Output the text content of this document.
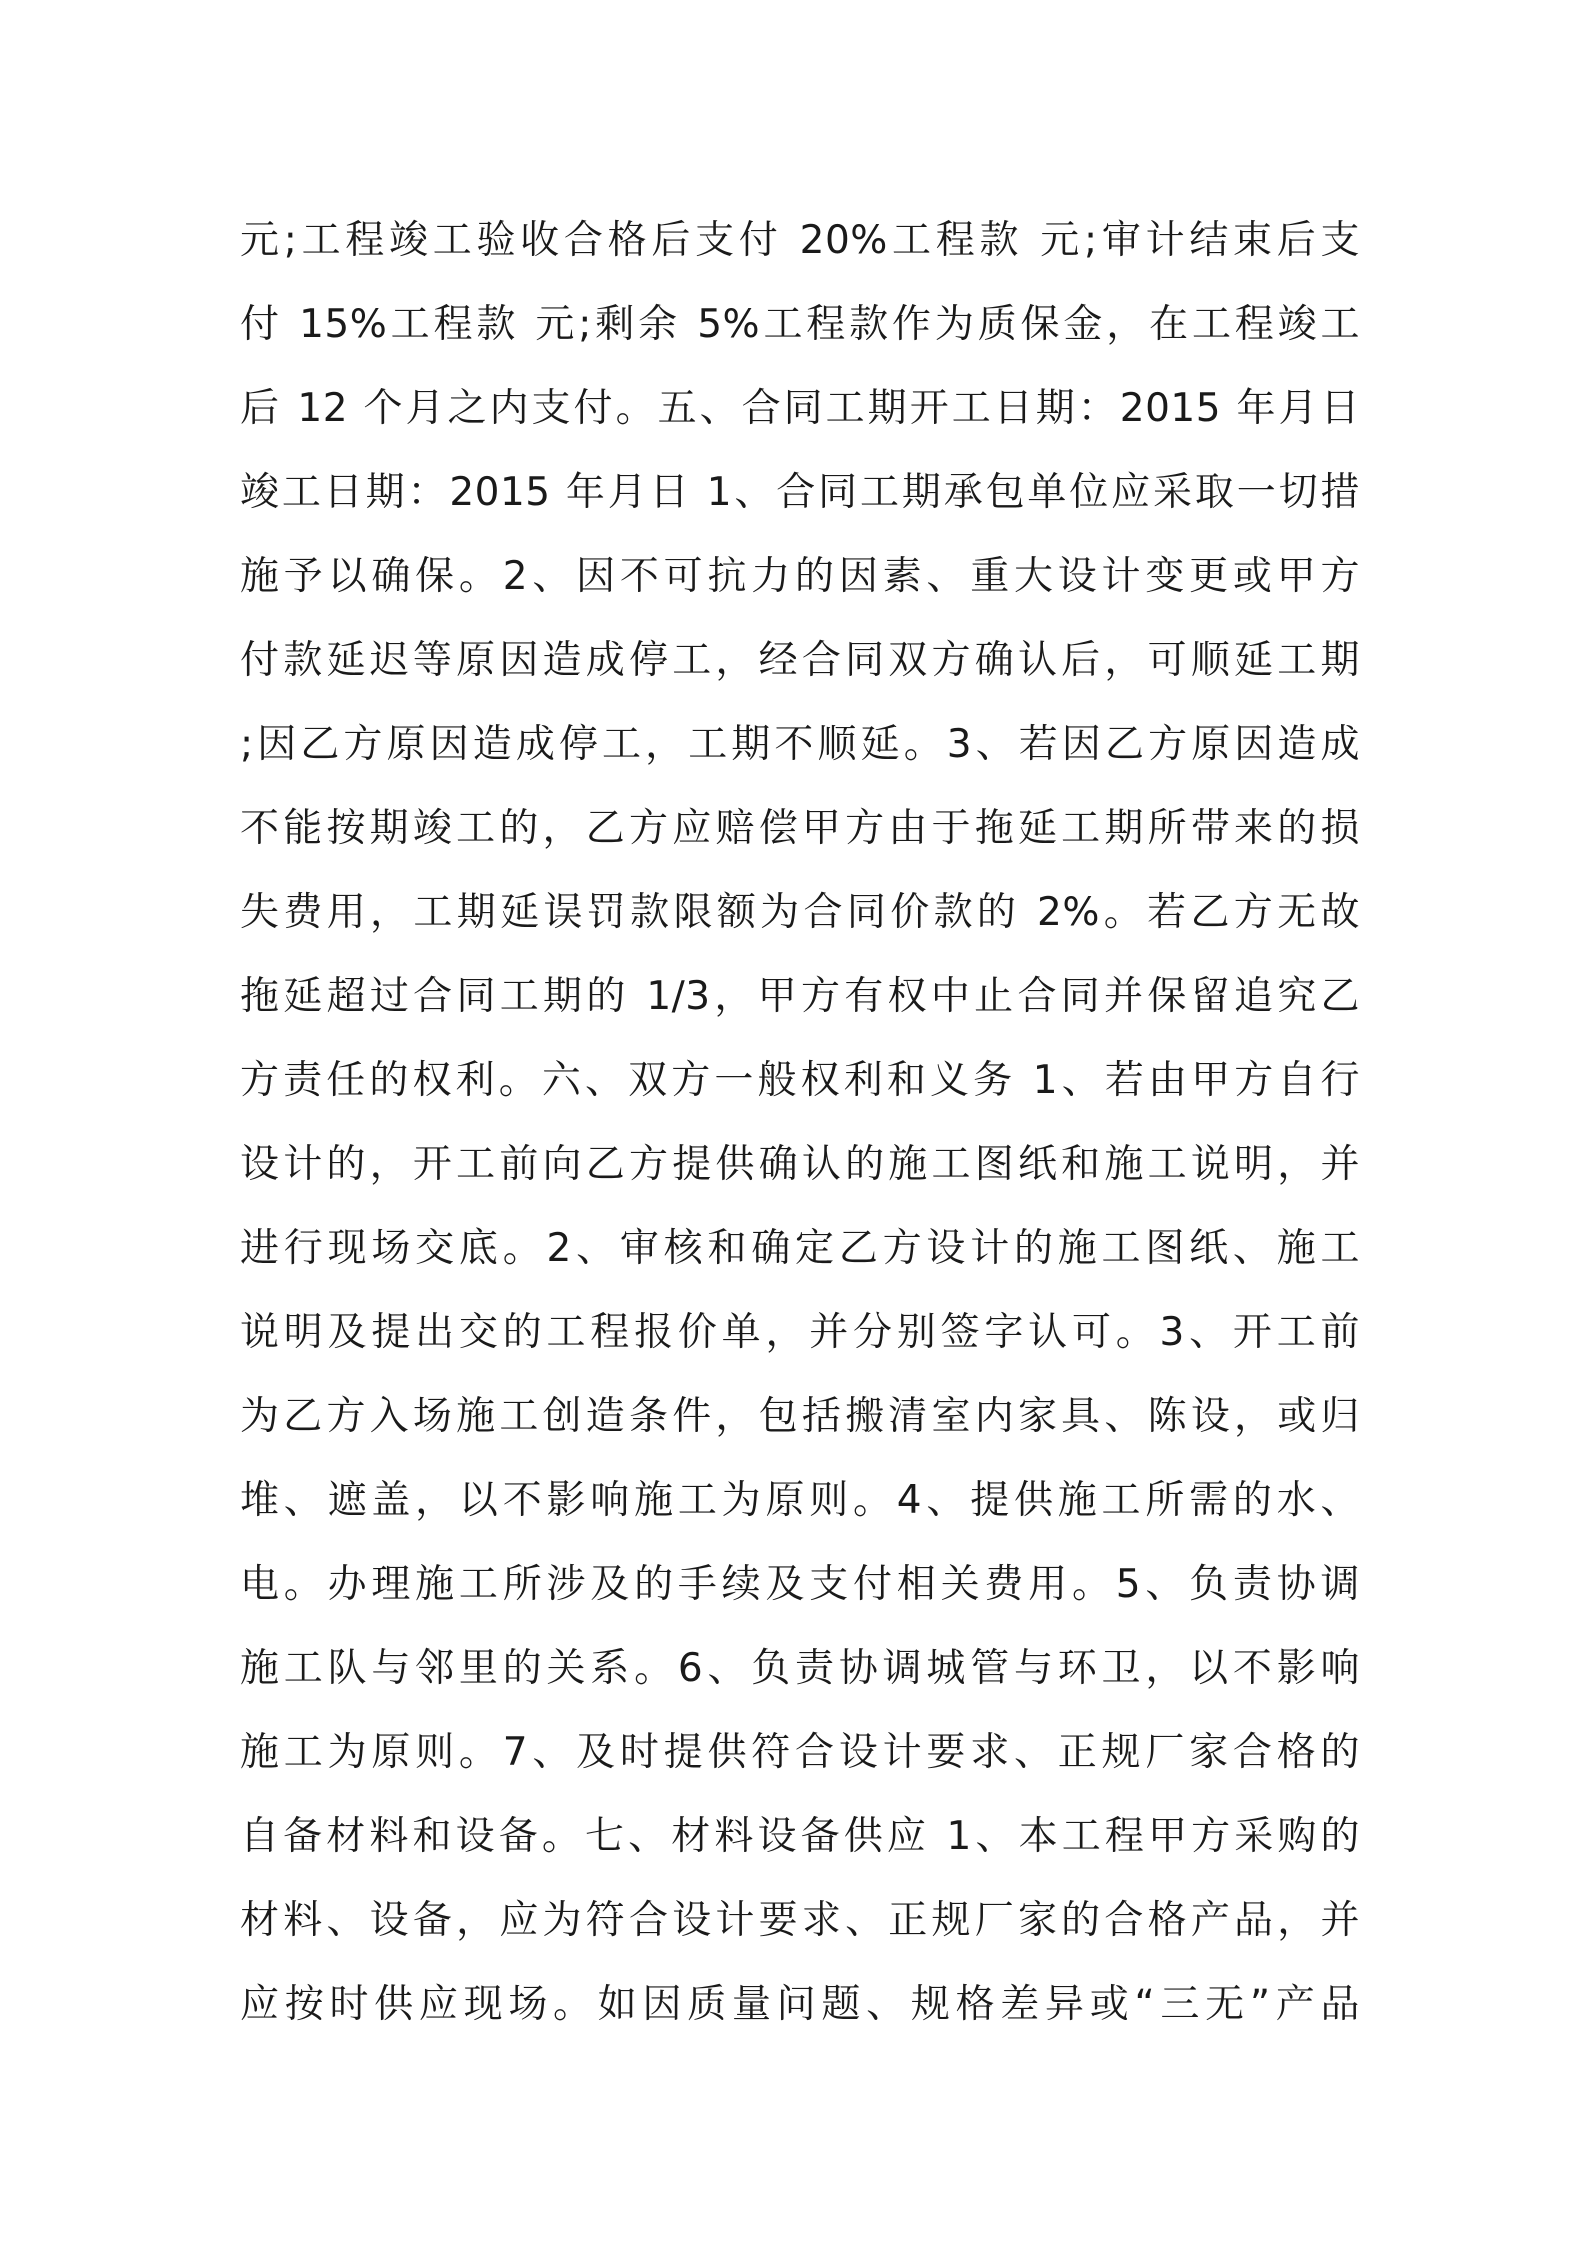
元;工程竣工验收合格后支付 20%工程款 元;审计结束后支
付 15%工程款 元;剩余 5%工程款作为质保金，在工程竣工
后 12 个月之内支付。五、合同工期开工日期：2015 年月日
竣工日期：2015 年月日 1、合同工期承包单位应采取一切措
施予以确保。2、因不可抗力的因素、重大设计变更或甲方
付款延迟等原因造成停工，经合同双方确认后，可顺延工期
;因乙方原因造成停工，工期不顺延。3、若因乙方原因造成
不能按期竣工的，乙方应赔偿甲方由于拖延工期所带来的损
失费用，工期延误罚款限额为合同价款的 2%。若乙方无故
拖延超过合同工期的 1/3，甲方有权中止合同并保留追究乙
方责任的权利。六、双方一般权利和义务 1、若由甲方自行
设计的，开工前向乙方提供确认的施工图纸和施工说明，并
进行现场交底。2、审核和确定乙方设计的施工图纸、施工
说明及提出交的工程报价单，并分别签字认可。3、开工前
为乙方入场施工创造条件，包括搬清室内家具、陈设，或归
堆、遮盖，以不影响施工为原则。4、提供施工所需的水、
电。办理施工所涉及的手续及支付相关费用。5、负责协调
施工队与邻里的关系。6、负责协调城管与环卫，以不影响
施工为原则。7、及时提供符合设计要求、正规厂家合格的
自备材料和设备。七、材料设备供应 1、本工程甲方采购的
材料、设备，应为符合设计要求、正规厂家的合格产品，并
应按时供应现场。如因质量问题、规格差异或“三无”产品
